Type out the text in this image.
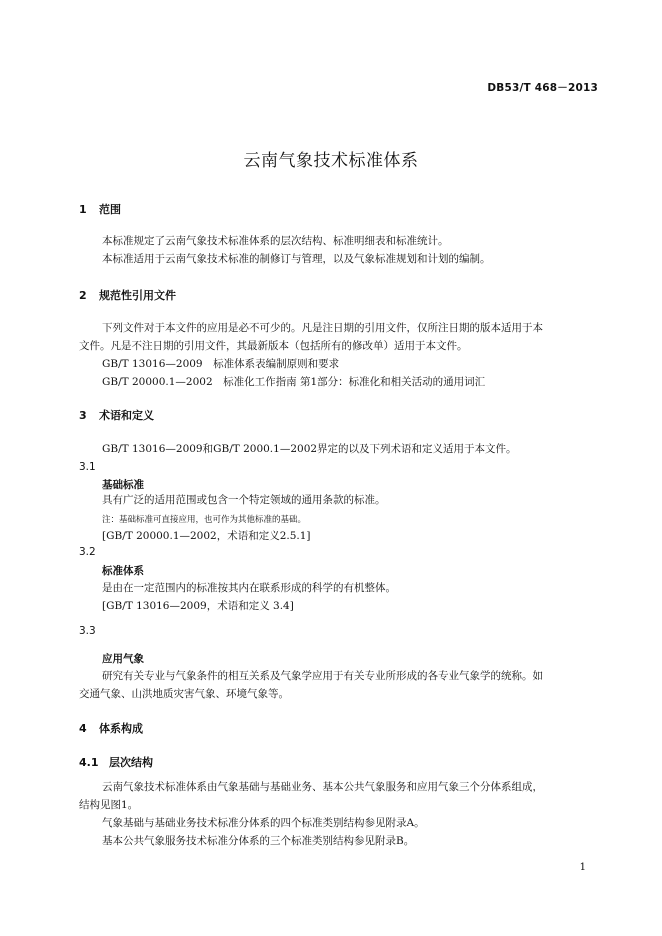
DB53/T 468－2013
云南气象技术标准体系
1 范围
本标准规定了云南气象技术标准体系的层次结构、标准明细表和标准统计。
本标准适用于云南气象技术标准的制修订与管理，以及气象标准规划和计划的编制。
2 规范性引用文件
下列文件对于本文件的应用是必不可少的。凡是注日期的引用文件，仅所注日期的版本适用于本
文件。凡是不注日期的引用文件，其最新版本（包括所有的修改单）适用于本文件。
GB/T 13016—2009　标准体系表编制原则和要求
GB/T 20000.1—2002　标准化工作指南 第1部分：标准化和相关活动的通用词汇
3 术语和定义
GB/T 13016—2009和GB/T 2000.1—2002界定的以及下列术语和定义适用于本文件。
3.1
基础标准
具有广泛的适用范围或包含一个特定领域的通用条款的标准。
注：基础标准可直接应用，也可作为其他标准的基础。
[GB/T 20000.1—2002，术语和定义2.5.1]
3.2
标准体系
是由在一定范围内的标准按其内在联系形成的科学的有机整体。
[GB/T 13016—2009，术语和定义 3.4]
3.3
应用气象
研究有关专业与气象条件的相互关系及气象学应用于有关专业所形成的各专业气象学的统称。如
交通气象、山洪地质灾害气象、环境气象等。
4 体系构成
4.1 层次结构
云南气象技术标准体系由气象基础与基础业务、基本公共气象服务和应用气象三个分体系组成，
结构见图1。
气象基础与基础业务技术标准分体系的四个标准类别结构参见附录A。
基本公共气象服务技术标准分体系的三个标准类别结构参见附录B。
1
